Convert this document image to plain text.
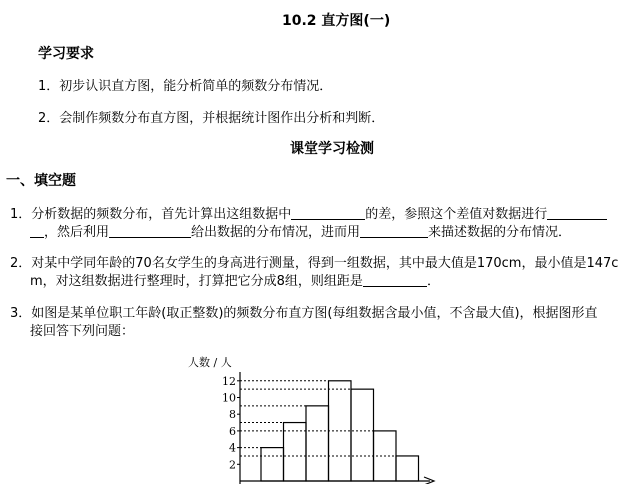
10.2 直方图(一)
学习要求
1．初步认识直方图，能分析简单的频数分布情况．
2．会制作频数分布直方图，并根据统计图作出分析和判断．
课堂学习检测
一、填空题
1．分析数据的频数分布，首先计算出这组数据中	的差，参照这个差值对数据进行
，然后利用	给出数据的分布情况，进而用	来描述数据的分布情况．
2．对某中学同年龄的70名女学生的身高进行测量，得到一组数据，其中最大值是170cm，最小值是147c
m，对这组数据进行整理时，打算把它分成8组，则组距是	．
3．如图是某单位职工年龄(取正整数)的频数分布直方图(每组数据含最小值，不含最大值)，根据图形直
接回答下列问题：
人数 / 人
2
4
6
8
10
12
